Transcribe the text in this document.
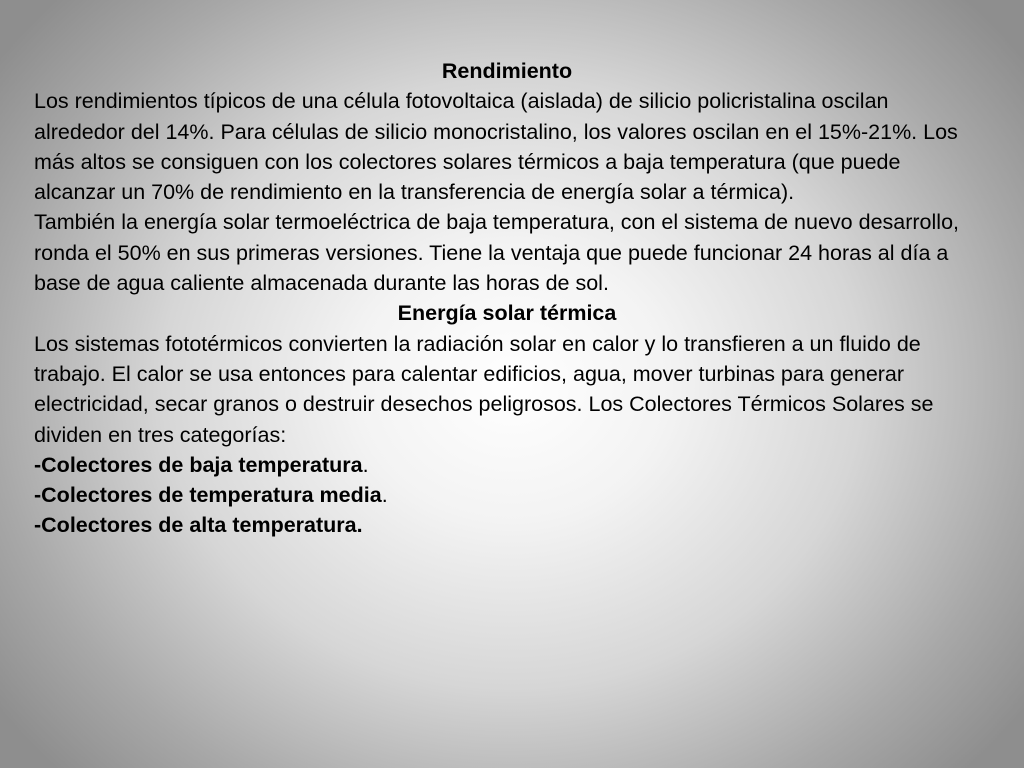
Rendimiento
Los rendimientos típicos de una célula fotovoltaica (aislada) de silicio policristalina oscilan alrededor del 14%. Para células de silicio monocristalino, los valores oscilan en el 15%-21%. Los más altos se consiguen con los colectores solares térmicos a baja temperatura (que puede alcanzar un 70% de rendimiento en la transferencia de energía solar a térmica).
También la energía solar termoeléctrica de baja temperatura, con el sistema de nuevo desarrollo, ronda el 50% en sus primeras versiones. Tiene la ventaja que puede funcionar 24 horas al día a base de agua caliente almacenada durante las horas de sol.
Energía solar térmica
Los sistemas fototérmicos convierten la radiación solar en calor y lo transfieren a un fluido de trabajo. El calor se usa entonces para calentar edificios, agua, mover turbinas para generar electricidad, secar granos o destruir desechos peligrosos. Los Colectores Térmicos Solares se dividen en tres categorías:
-Colectores de baja temperatura.
-Colectores de temperatura media.
-Colectores de alta temperatura.
